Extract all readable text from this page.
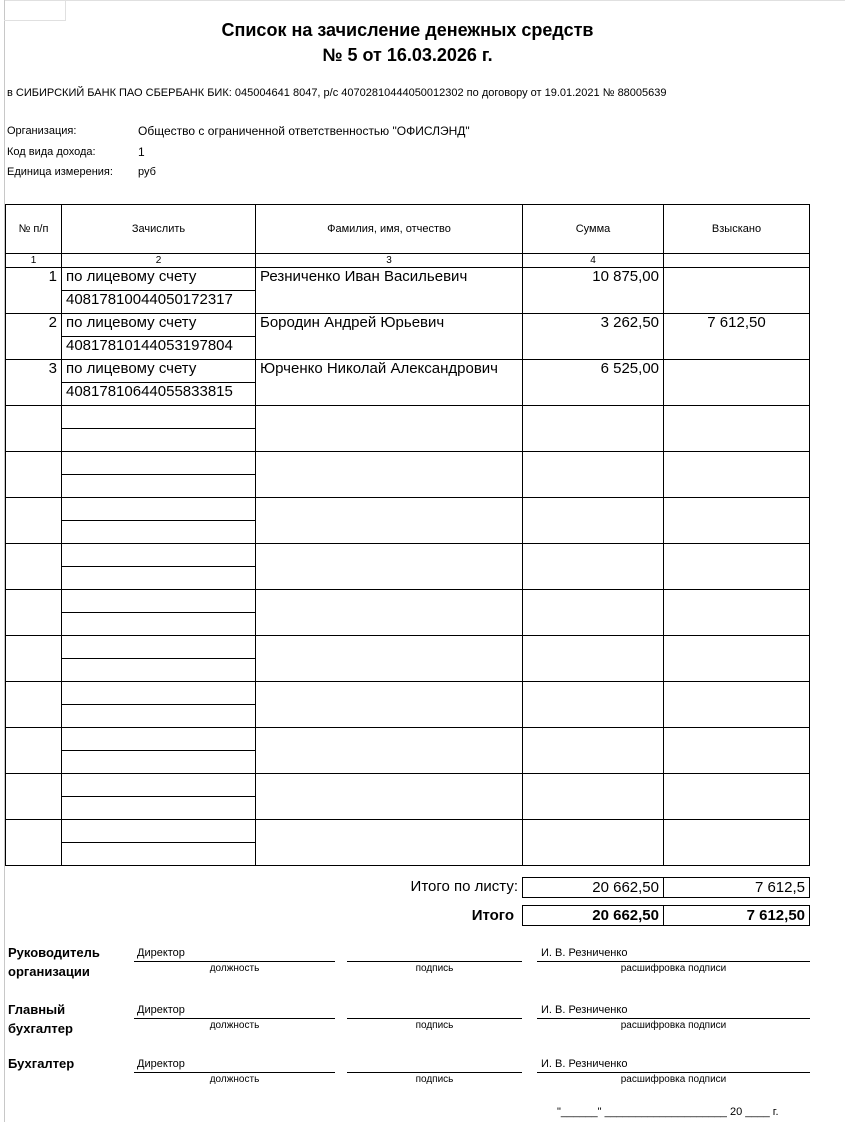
Список на зачисление денежных средств
№ 5 от 16.03.2026 г.
в СИБИРСКИЙ БАНК ПАО СБЕРБАНК БИК: 045004641 8047, р/с 40702810444050012302 по договору от 19.01.2021 № 88005639
Организация:	Общество с ограниченной ответственностью "ОФИСЛЭНД"
Код вида дохода:	1
Единица измерения: руб
№ п/п	Зачислить	Фамилия, имя, отчество	Сумма	Взыскано
1	2	3	4	
1	по лицевому счету	Резниченко Иван Васильевич	10 875,00	
	40817810044050172317			
2	по лицевому счету	Бородин Андрей Юрьевич	3 262,50	7 612,50
	40817810144053197804			
3	по лицевому счету	Юрченко Николай Александрович	6 525,00	
	40817810644055833815			

Итого по листу:	20 662,50	7 612,5
Итого	20 662,50	7 612,50
Руководитель организации
Директор	И. В. Резниченко
должность	подпись	расшифровка подписи
Главный бухгалтер
Директор	И. В. Резниченко
должность	подпись	расшифровка подписи
Бухгалтер	Директор	И. В. Резниченко
должность	подпись	расшифровка подписи
"______" ____________________ 20 ____ г.
